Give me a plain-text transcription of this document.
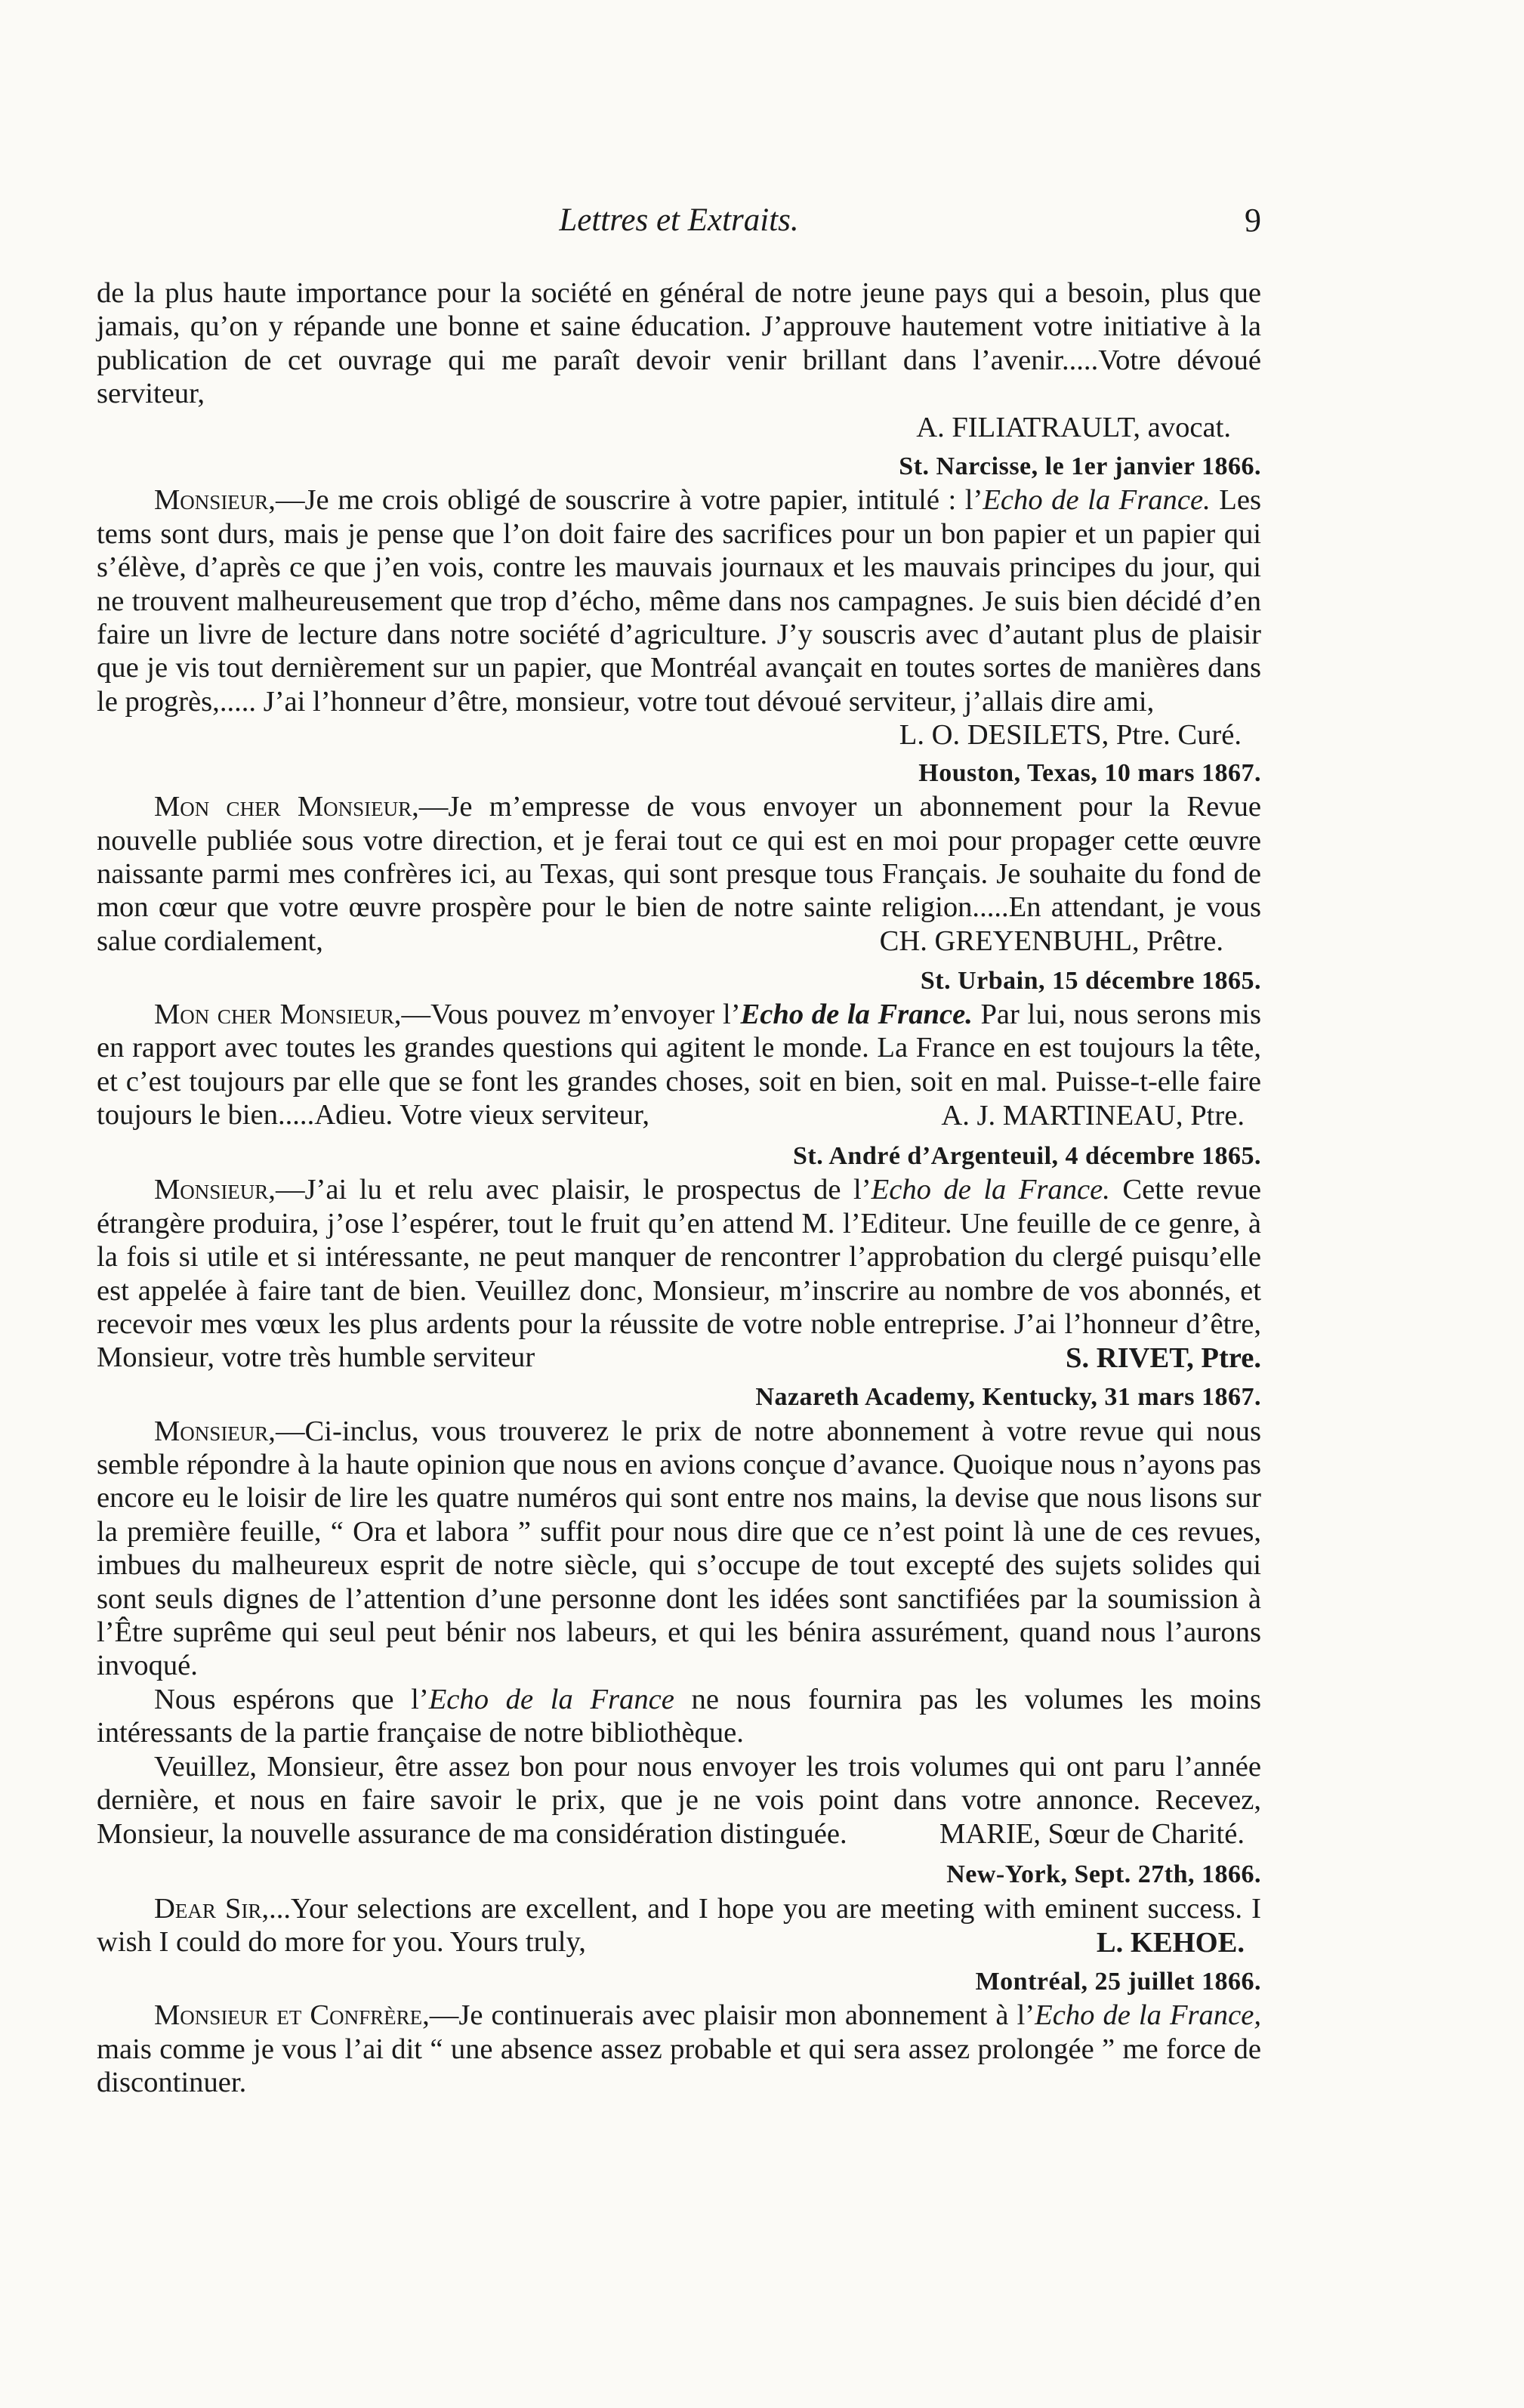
Lettres et Extraits.	9
de la plus haute importance pour la société en général de notre jeune pays qui a besoin, plus que jamais, qu’on y répande une bonne et saine éducation. J’approuve hautement votre initiative à la publication de cet ouvrage qui me paraît devoir venir brillant dans l’avenir.....Votre dévoué serviteur,
A. FILIATRAULT, avocat.
St. Narcisse, le 1er janvier 1866.
Monsieur,—Je me crois obligé de souscrire à votre papier, intitulé : l’Echo de la France. Les tems sont durs, mais je pense que l’on doit faire des sacrifices pour un bon papier et un papier qui s’élève, d’après ce que j’en vois, contre les mauvais journaux et les mauvais principes du jour, qui ne trouvent malheureusement que trop d’écho, même dans nos campagnes. Je suis bien décidé d’en faire un livre de lecture dans notre société d’agriculture. J’y souscris avec d’autant plus de plaisir que je vis tout dernièrement sur un papier, que Montréal avançait en toutes sortes de manières dans le progrès,..... J’ai l’honneur d’être, monsieur, votre tout dévoué serviteur, j’allais dire ami,
L. O. DESILETS, Ptre. Curé.
Houston, Texas, 10 mars 1867.
Mon cher Monsieur,—Je m’empresse de vous envoyer un abonnement pour la Revue nouvelle publiée sous votre direction, et je ferai tout ce qui est en moi pour propager cette œuvre naissante parmi mes confrères ici, au Texas, qui sont presque tous Français. Je souhaite du fond de mon cœur que votre œuvre prospère pour le bien de notre sainte religion.....En attendant, je vous salue cordialement,	CH. GREYENBUHL, Prêtre.
St. Urbain, 15 décembre 1865.
Mon cher Monsieur,—Vous pouvez m’envoyer l’Echo de la France. Par lui, nous serons mis en rapport avec toutes les grandes questions qui agitent le monde. La France en est toujours la tête, et c’est toujours par elle que se font les grandes choses, soit en bien, soit en mal. Puisse-t-elle faire toujours le bien.....Adieu. Votre vieux serviteur,	A. J. MARTINEAU, Ptre.
St. André d’Argenteuil, 4 décembre 1865.
Monsieur,—J’ai lu et relu avec plaisir, le prospectus de l’Echo de la France. Cette revue étrangère produira, j’ose l’espérer, tout le fruit qu’en attend M. l’Editeur. Une feuille de ce genre, à la fois si utile et si intéressante, ne peut manquer de rencontrer l’approbation du clergé puisqu’elle est appelée à faire tant de bien. Veuillez donc, Monsieur, m’inscrire au nombre de vos abonnés, et recevoir mes vœux les plus ardents pour la réussite de votre noble entreprise. J’ai l’honneur d’être, Monsieur, votre très humble serviteur	S. RIVET, Ptre.
Nazareth Academy, Kentucky, 31 mars 1867.
Monsieur,—Ci-inclus, vous trouverez le prix de notre abonnement à votre revue qui nous semble répondre à la haute opinion que nous en avions conçue d’avance. Quoique nous n’ayons pas encore eu le loisir de lire les quatre numéros qui sont entre nos mains, la devise que nous lisons sur la première feuille, “ Ora et labora ” suffit pour nous dire que ce n’est point là une de ces revues, imbues du malheureux esprit de notre siècle, qui s’occupe de tout excepté des sujets solides qui sont seuls dignes de l’attention d’une personne dont les idées sont sanctifiées par la soumission à l’Être suprême qui seul peut bénir nos labeurs, et qui les bénira assurément, quand nous l’aurons invoqué.
Nous espérons que l’Echo de la France ne nous fournira pas les volumes les moins intéressants de la partie française de notre bibliothèque.
Veuillez, Monsieur, être assez bon pour nous envoyer les trois volumes qui ont paru l’année dernière, et nous en faire savoir le prix, que je ne vois point dans votre annonce. Recevez, Monsieur, la nouvelle assurance de ma considération distinguée.	MARIE, Sœur de Charité.
New-York, Sept. 27th, 1866.
Dear Sir,...Your selections are excellent, and I hope you are meeting with eminent success. I wish I could do more for you. Yours truly,	L. KEHOE.
Montréal, 25 juillet 1866.
Monsieur et Confrère,—Je continuerais avec plaisir mon abonnement à l’Echo de la France, mais comme je vous l’ai dit “ une absence assez probable et qui sera assez prolongée ” me force de discontinuer.
